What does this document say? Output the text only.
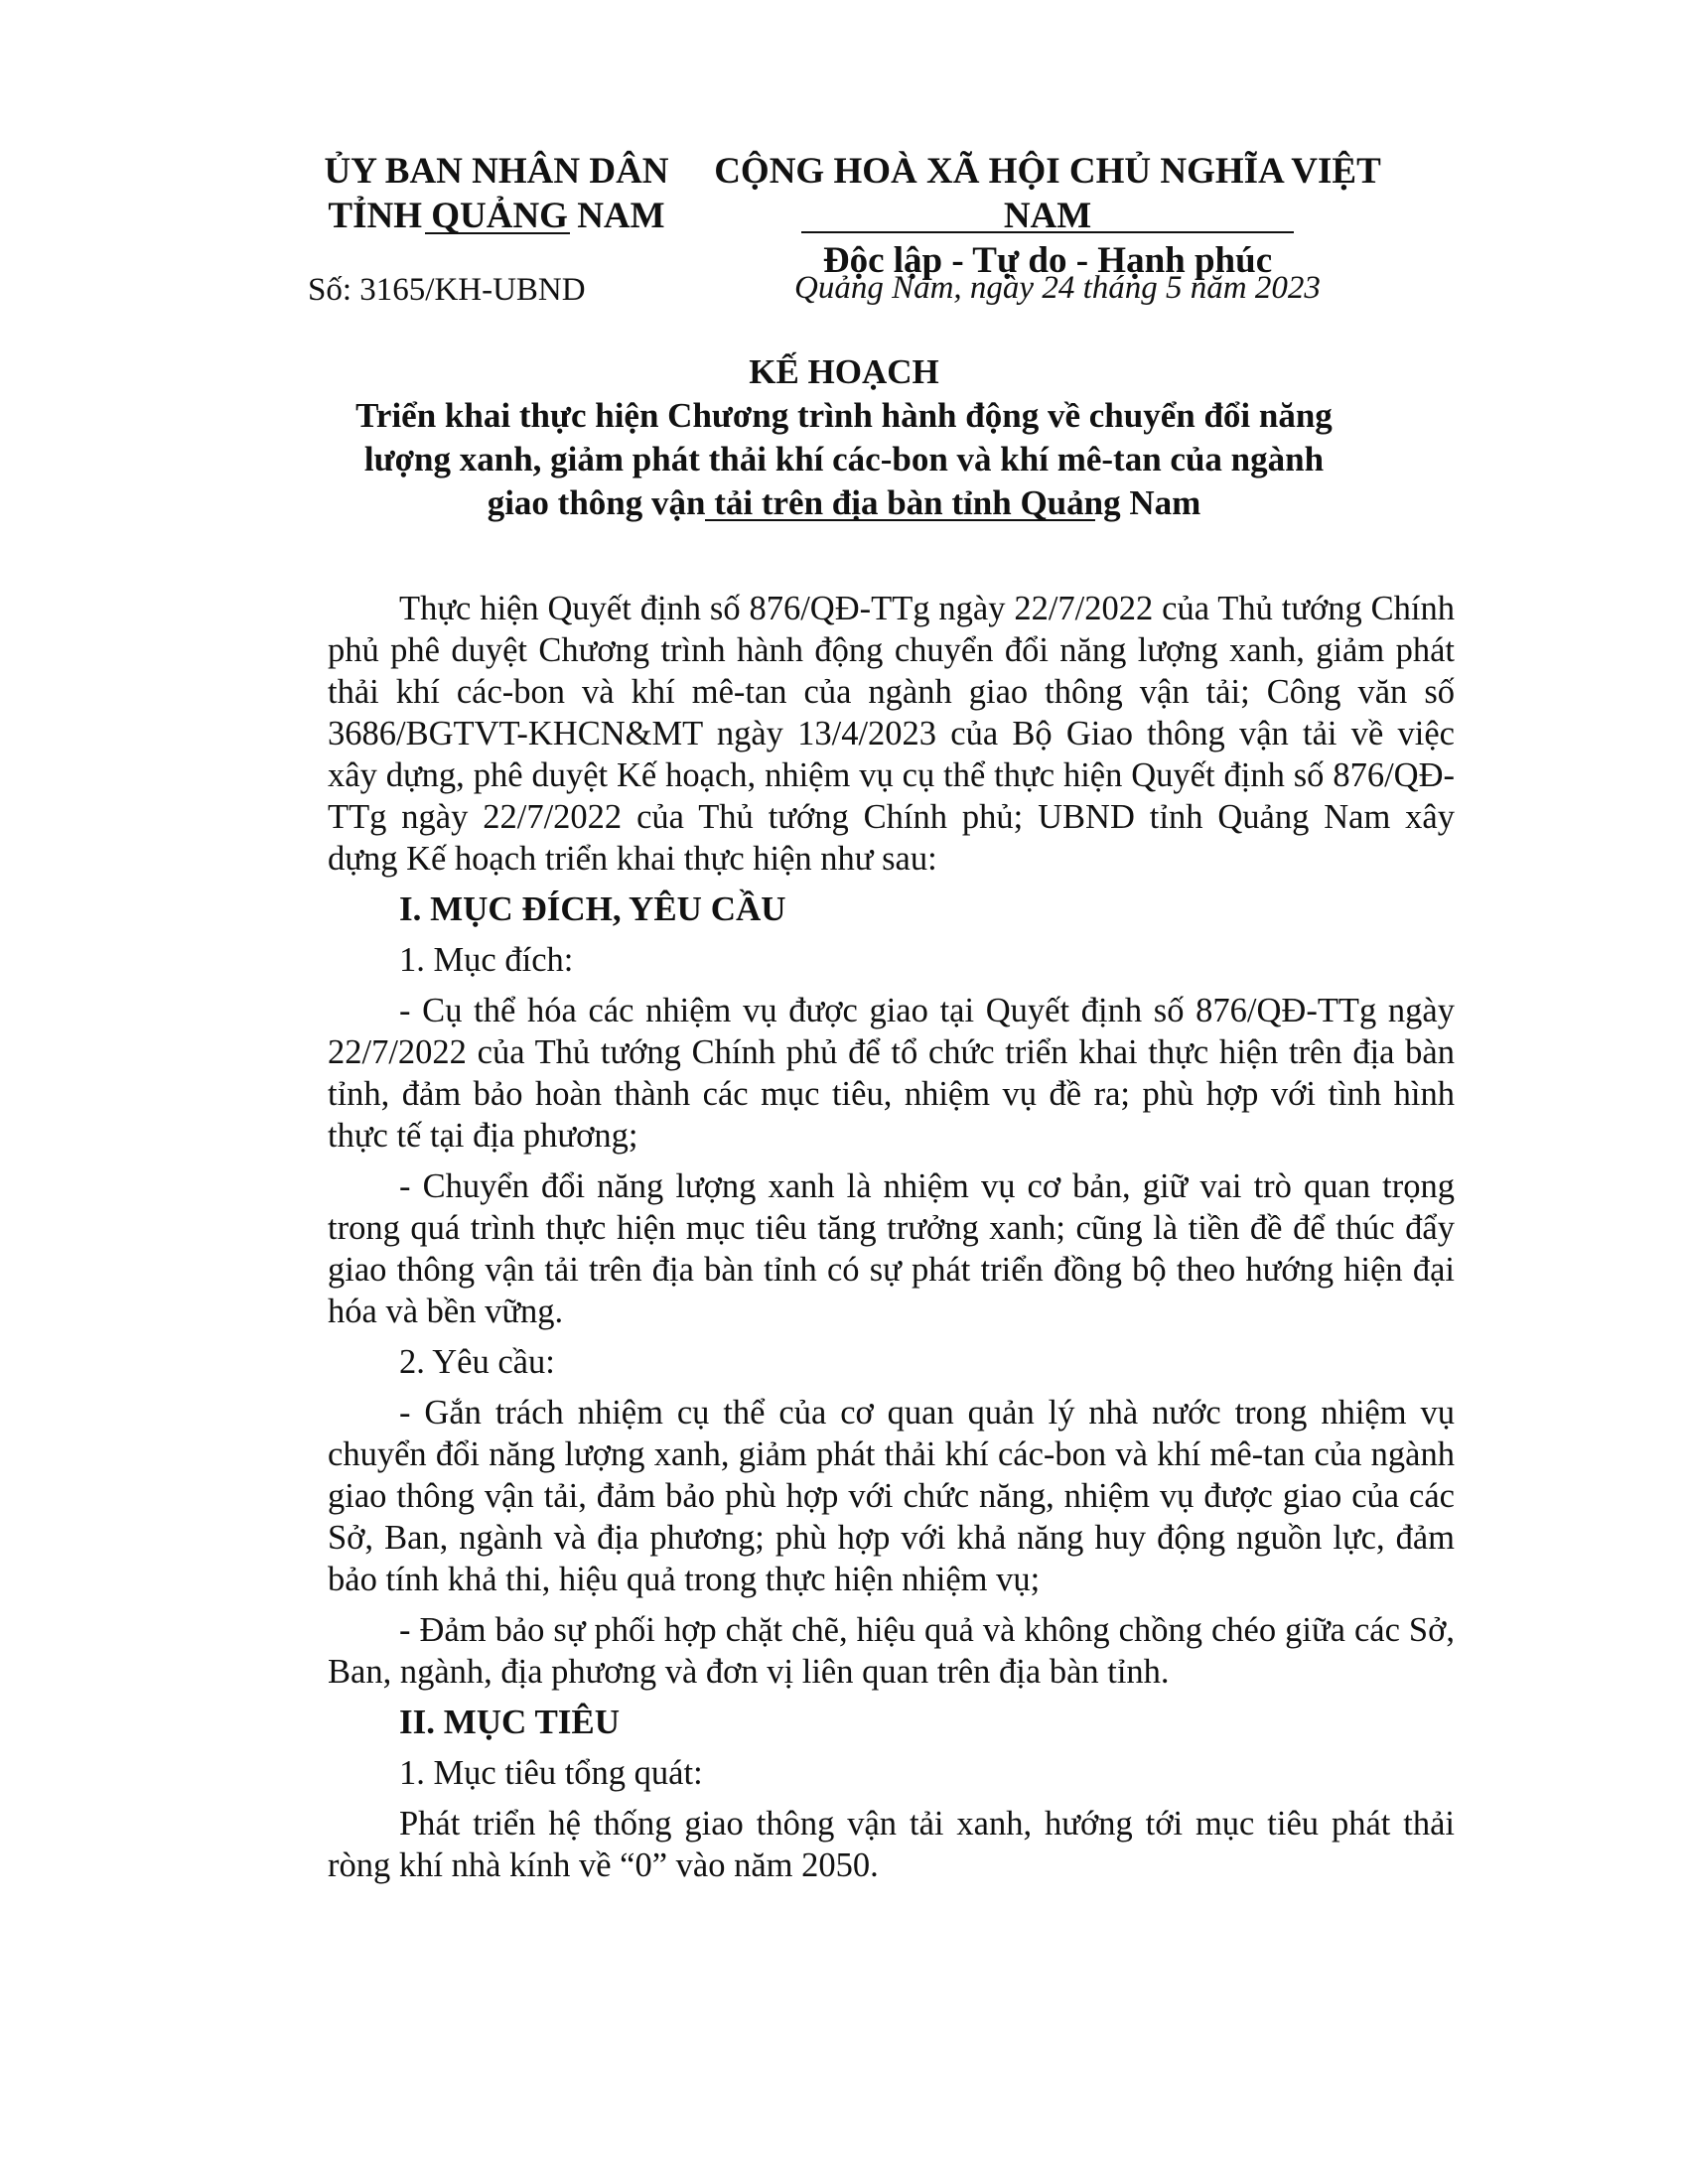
ỦY BAN NHÂN DÂN
TỈNH QUẢNG NAM
CỘNG HOÀ XÃ HỘI CHỦ NGHĨA VIỆT NAM
Độc lập - Tự do - Hạnh phúc
Số: 3165/KH-UBND	Quảng Nam, ngày 24 tháng 5 năm 2023
KẾ HOẠCH
Triển khai thực hiện Chương trình hành động về chuyển đổi năng lượng xanh, giảm phát thải khí các-bon và khí mê-tan của ngành giao thông vận tải trên địa bàn tỉnh Quảng Nam

Thực hiện Quyết định số 876/QĐ-TTg ngày 22/7/2022 của Thủ tướng Chính phủ phê duyệt Chương trình hành động chuyển đổi năng lượng xanh, giảm phát thải khí các-bon và khí mê-tan của ngành giao thông vận tải; Công văn số 3686/BGTVT-KHCN&MT ngày 13/4/2023 của Bộ Giao thông vận tải về việc xây dựng, phê duyệt Kế hoạch, nhiệm vụ cụ thể thực hiện Quyết định số 876/QĐ-TTg ngày 22/7/2022 của Thủ tướng Chính phủ; UBND tỉnh Quảng Nam xây dựng Kế hoạch triển khai thực hiện như sau:

I. MỤC ĐÍCH, YÊU CẦU

1. Mục đích:

- Cụ thể hóa các nhiệm vụ được giao tại Quyết định số 876/QĐ-TTg ngày 22/7/2022 của Thủ tướng Chính phủ để tổ chức triển khai thực hiện trên địa bàn tỉnh, đảm bảo hoàn thành các mục tiêu, nhiệm vụ đề ra; phù hợp với tình hình thực tế tại địa phương;

- Chuyển đổi năng lượng xanh là nhiệm vụ cơ bản, giữ vai trò quan trọng trong quá trình thực hiện mục tiêu tăng trưởng xanh; cũng là tiền đề để thúc đẩy giao thông vận tải trên địa bàn tỉnh có sự phát triển đồng bộ theo hướng hiện đại hóa và bền vững.

2. Yêu cầu:

- Gắn trách nhiệm cụ thể của cơ quan quản lý nhà nước trong nhiệm vụ chuyển đổi năng lượng xanh, giảm phát thải khí các-bon và khí mê-tan của ngành giao thông vận tải, đảm bảo phù hợp với chức năng, nhiệm vụ được giao của các Sở, Ban, ngành và địa phương; phù hợp với khả năng huy động nguồn lực, đảm bảo tính khả thi, hiệu quả trong thực hiện nhiệm vụ;

- Đảm bảo sự phối hợp chặt chẽ, hiệu quả và không chồng chéo giữa các Sở, Ban, ngành, địa phương và đơn vị liên quan trên địa bàn tỉnh.

II. MỤC TIÊU

1. Mục tiêu tổng quát:

Phát triển hệ thống giao thông vận tải xanh, hướng tới mục tiêu phát thải ròng khí nhà kính về “0” vào năm 2050.
